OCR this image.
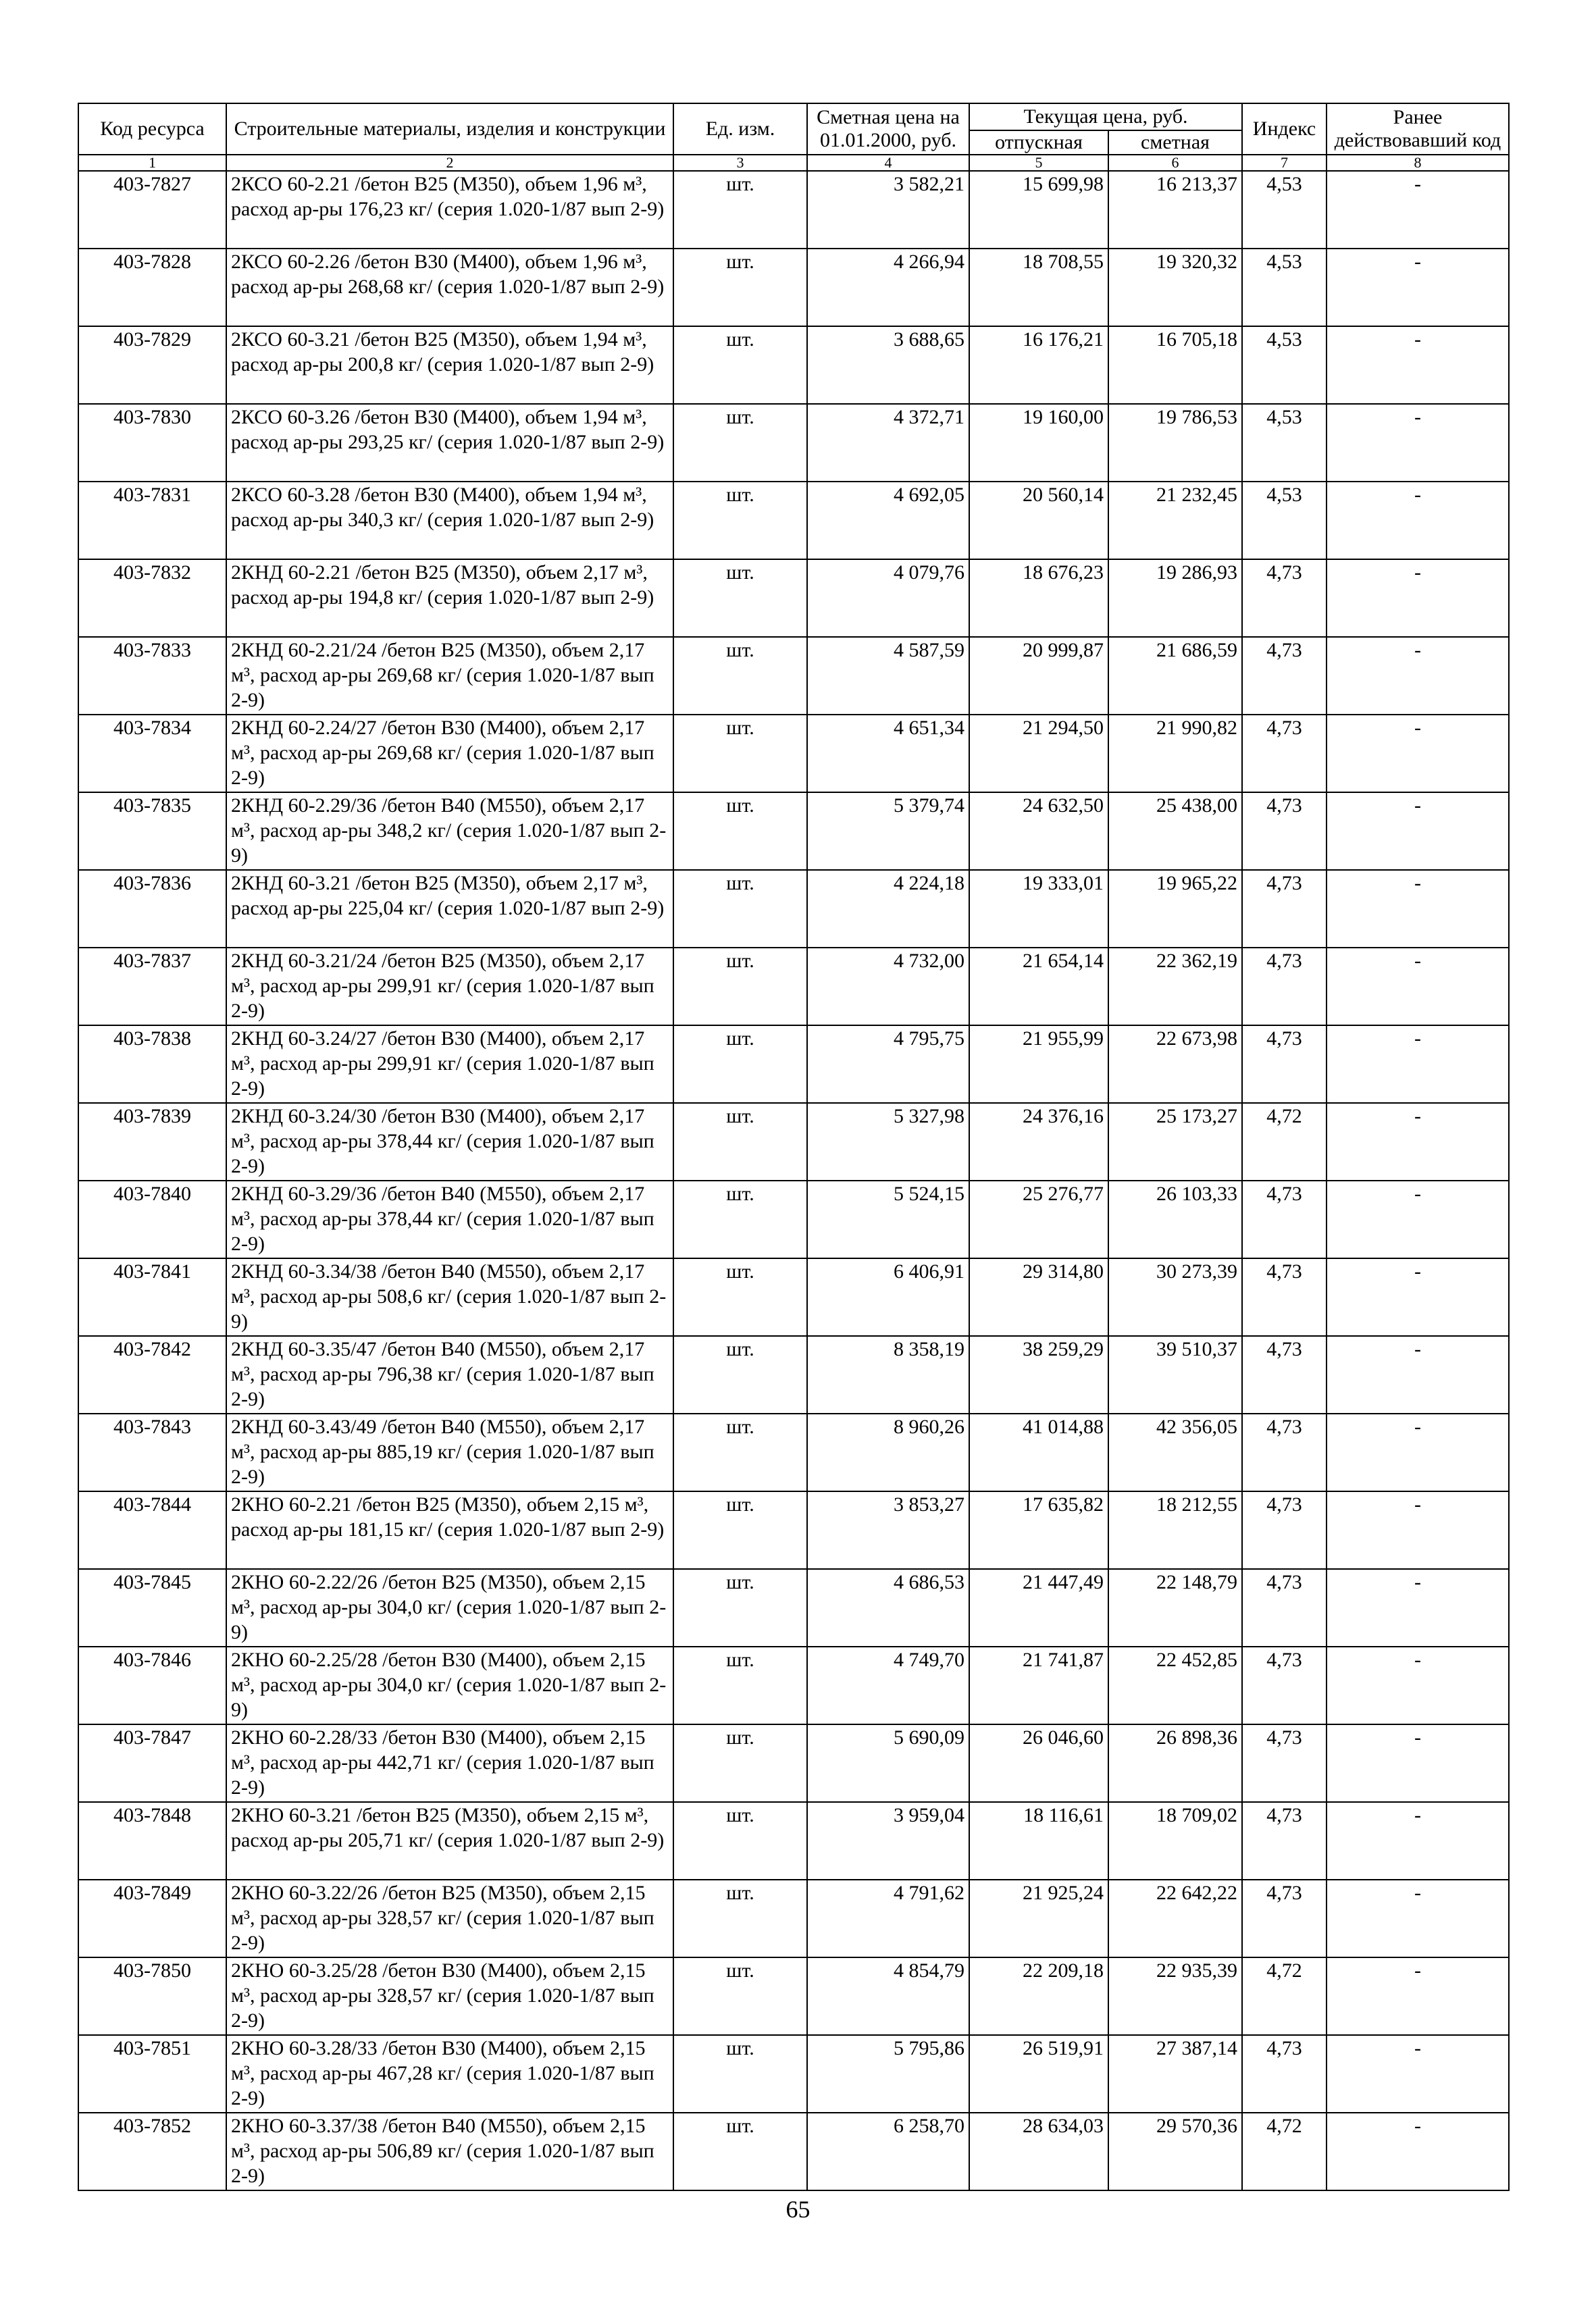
Код ресурса	Строительные материалы, изделия и конструкции	Ед. изм.	Сметная цена на 01.01.2000, руб.	Текущая цена, руб.		Индекс	Ранее действовавший код
				отпускная	сметная		
1	2	3	4	5	6	7	8
403-7827	2КСО 60-2.21 /бетон В25 (М350), объем 1,96 м³, расход ар-ры 176,23 кг/ (серия 1.020-1/87 вып 2-9)	шт.	3 582,21	15 699,98	16 213,37	4,53	-
403-7828	2КСО 60-2.26 /бетон В30 (М400), объем 1,96 м³, расход ар-ры 268,68 кг/ (серия 1.020-1/87 вып 2-9)	шт.	4 266,94	18 708,55	19 320,32	4,53	-
403-7829	2КСО 60-3.21 /бетон В25 (М350), объем 1,94 м³, расход ар-ры 200,8 кг/ (серия 1.020-1/87 вып 2-9)	шт.	3 688,65	16 176,21	16 705,18	4,53	-
403-7830	2КСО 60-3.26 /бетон В30 (М400), объем 1,94 м³, расход ар-ры 293,25 кг/ (серия 1.020-1/87 вып 2-9)	шт.	4 372,71	19 160,00	19 786,53	4,53	-
403-7831	2КСО 60-3.28 /бетон В30 (М400), объем 1,94 м³, расход ар-ры 340,3 кг/ (серия 1.020-1/87 вып 2-9)	шт.	4 692,05	20 560,14	21 232,45	4,53	-
403-7832	2КНД 60-2.21 /бетон В25 (М350), объем 2,17 м³, расход ар-ры 194,8 кг/ (серия 1.020-1/87 вып 2-9)	шт.	4 079,76	18 676,23	19 286,93	4,73	-
403-7833	2КНД 60-2.21/24 /бетон В25 (М350), объем 2,17 м³, расход ар-ры 269,68 кг/ (серия 1.020-1/87 вып 2-9)	шт.	4 587,59	20 999,87	21 686,59	4,73	-
403-7834	2КНД 60-2.24/27 /бетон В30 (М400), объем 2,17 м³, расход ар-ры 269,68 кг/ (серия 1.020-1/87 вып 2-9)	шт.	4 651,34	21 294,50	21 990,82	4,73	-
403-7835	2КНД 60-2.29/36 /бетон В40 (М550), объем 2,17 м³, расход ар-ры 348,2 кг/ (серия 1.020-1/87 вып 2-9)	шт.	5 379,74	24 632,50	25 438,00	4,73	-
403-7836	2КНД 60-3.21 /бетон В25 (М350), объем 2,17 м³, расход ар-ры 225,04 кг/ (серия 1.020-1/87 вып 2-9)	шт.	4 224,18	19 333,01	19 965,22	4,73	-
403-7837	2КНД 60-3.21/24 /бетон В25 (М350), объем 2,17 м³, расход ар-ры 299,91 кг/ (серия 1.020-1/87 вып 2-9)	шт.	4 732,00	21 654,14	22 362,19	4,73	-
403-7838	2КНД 60-3.24/27 /бетон В30 (М400), объем 2,17 м³, расход ар-ры 299,91 кг/ (серия 1.020-1/87 вып 2-9)	шт.	4 795,75	21 955,99	22 673,98	4,73	-
403-7839	2КНД 60-3.24/30 /бетон В30 (М400), объем 2,17 м³, расход ар-ры 378,44 кг/ (серия 1.020-1/87 вып 2-9)	шт.	5 327,98	24 376,16	25 173,27	4,72	-
403-7840	2КНД 60-3.29/36 /бетон В40 (М550), объем 2,17 м³, расход ар-ры 378,44 кг/ (серия 1.020-1/87 вып 2-9)	шт.	5 524,15	25 276,77	26 103,33	4,73	-
403-7841	2КНД 60-3.34/38 /бетон В40 (М550), объем 2,17 м³, расход ар-ры 508,6 кг/ (серия 1.020-1/87 вып 2-9)	шт.	6 406,91	29 314,80	30 273,39	4,73	-
403-7842	2КНД 60-3.35/47 /бетон В40 (М550), объем 2,17 м³, расход ар-ры 796,38 кг/ (серия 1.020-1/87 вып 2-9)	шт.	8 358,19	38 259,29	39 510,37	4,73	-
403-7843	2КНД 60-3.43/49 /бетон В40 (М550), объем 2,17 м³, расход ар-ры 885,19 кг/ (серия 1.020-1/87 вып 2-9)	шт.	8 960,26	41 014,88	42 356,05	4,73	-
403-7844	2КНО 60-2.21 /бетон В25 (М350), объем 2,15 м³, расход ар-ры 181,15 кг/ (серия 1.020-1/87 вып 2-9)	шт.	3 853,27	17 635,82	18 212,55	4,73	-
403-7845	2КНО 60-2.22/26 /бетон В25 (М350), объем 2,15 м³, расход ар-ры 304,0 кг/ (серия 1.020-1/87 вып 2-9)	шт.	4 686,53	21 447,49	22 148,79	4,73	-
403-7846	2КНО 60-2.25/28 /бетон В30 (М400), объем 2,15 м³, расход ар-ры 304,0 кг/ (серия 1.020-1/87 вып 2-9)	шт.	4 749,70	21 741,87	22 452,85	4,73	-
403-7847	2КНО 60-2.28/33 /бетон В30 (М400), объем 2,15 м³, расход ар-ры 442,71 кг/ (серия 1.020-1/87 вып 2-9)	шт.	5 690,09	26 046,60	26 898,36	4,73	-
403-7848	2КНО 60-3.21 /бетон В25 (М350), объем 2,15 м³, расход ар-ры 205,71 кг/ (серия 1.020-1/87 вып 2-9)	шт.	3 959,04	18 116,61	18 709,02	4,73	-
403-7849	2КНО 60-3.22/26 /бетон В25 (М350), объем 2,15 м³, расход ар-ры 328,57 кг/ (серия 1.020-1/87 вып 2-9)	шт.	4 791,62	21 925,24	22 642,22	4,73	-
403-7850	2КНО 60-3.25/28 /бетон В30 (М400), объем 2,15 м³, расход ар-ры 328,57 кг/ (серия 1.020-1/87 вып 2-9)	шт.	4 854,79	22 209,18	22 935,39	4,72	-
403-7851	2КНО 60-3.28/33 /бетон В30 (М400), объем 2,15 м³, расход ар-ры 467,28 кг/ (серия 1.020-1/87 вып 2-9)	шт.	5 795,86	26 519,91	27 387,14	4,73	-
403-7852	2КНО 60-3.37/38 /бетон В40 (М550), объем 2,15 м³, расход ар-ры 506,89 кг/ (серия 1.020-1/87 вып 2-9)	шт.	6 258,70	28 634,03	29 570,36	4,72	-
65
